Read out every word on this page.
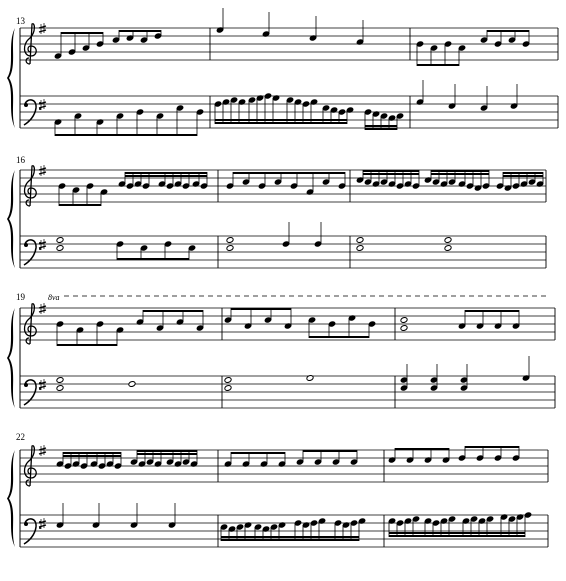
13
16
19	8va
22
